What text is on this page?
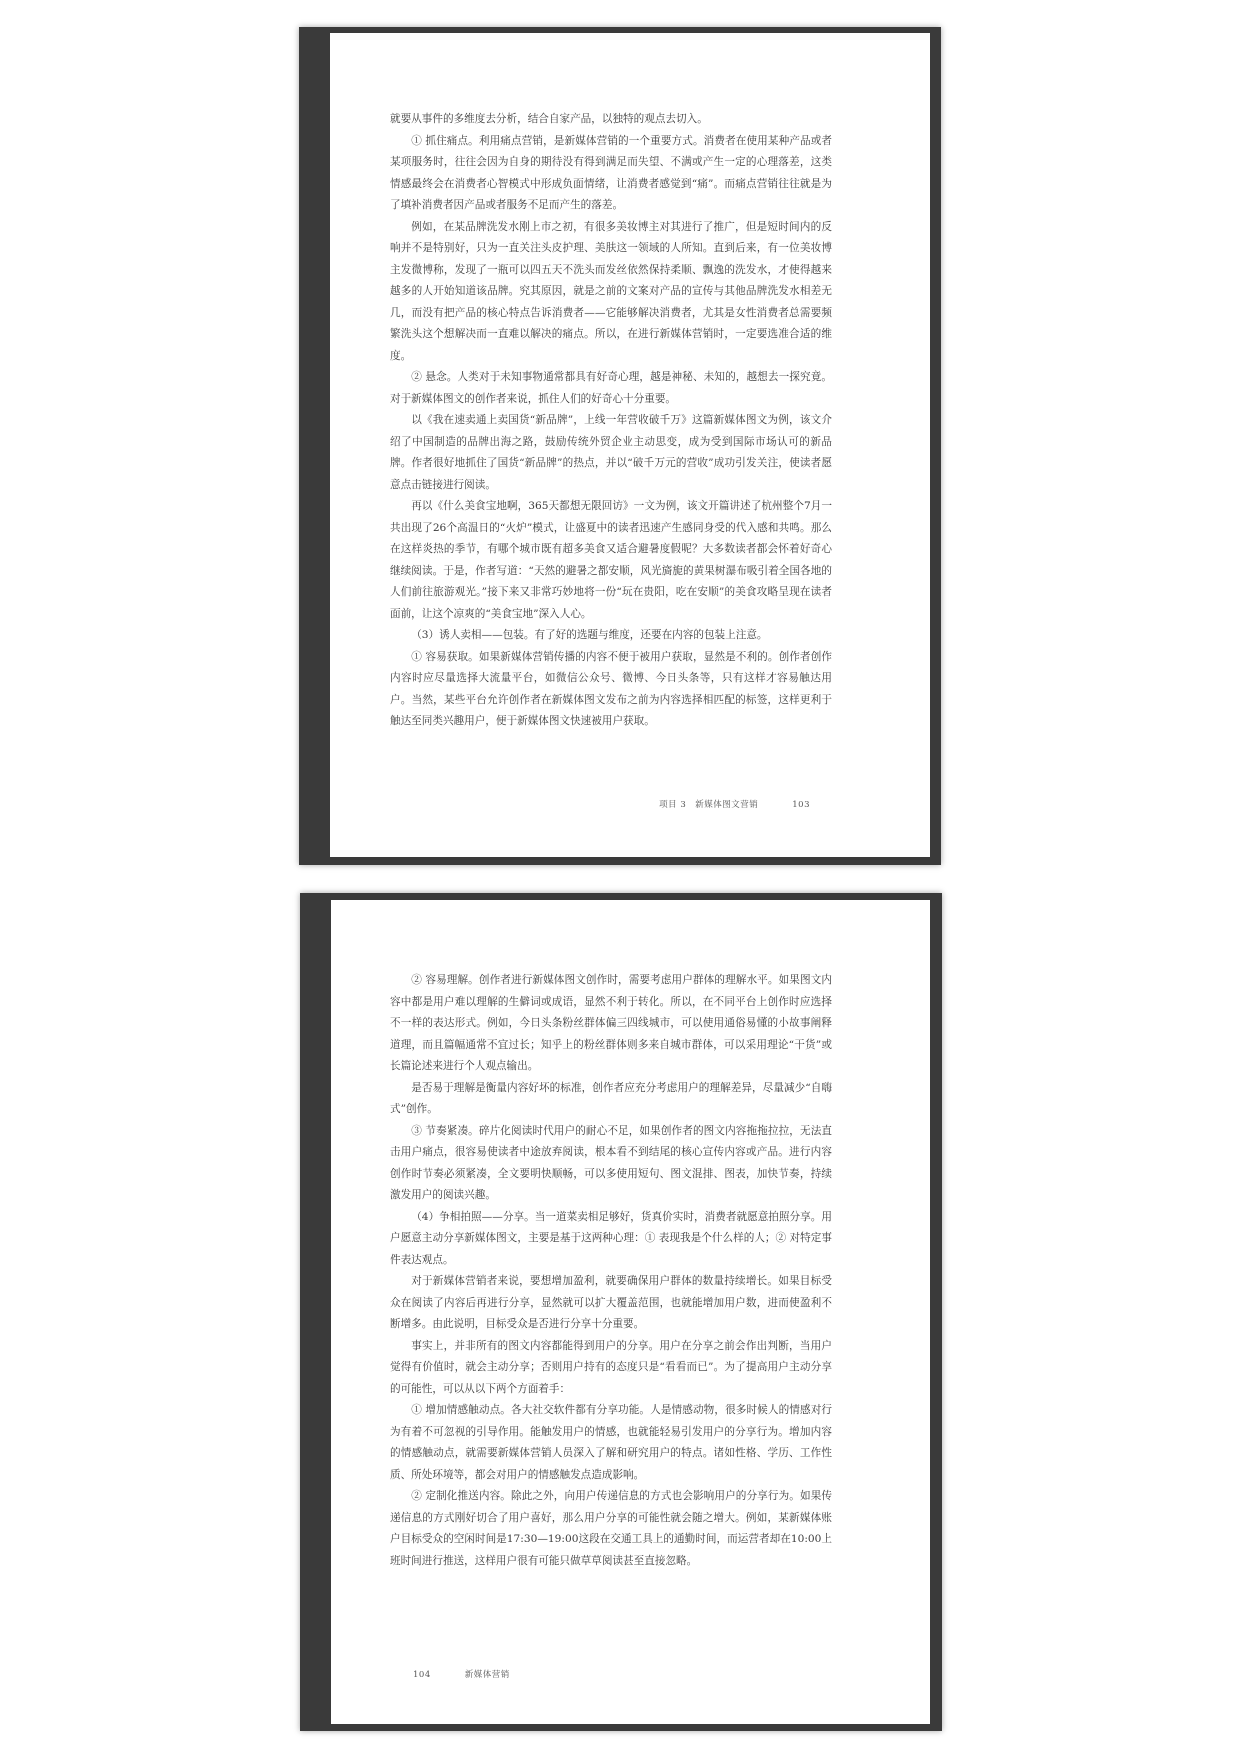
就要从事件的多维度去分析，结合自家产品，以独特的观点去切入。

① 抓住痛点。利用痛点营销，是新媒体营销的一个重要方式。消费者在使用某种产品或者某项服务时，往往会因为自身的期待没有得到满足而失望、不满或产生一定的心理落差，这类情感最终会在消费者心智模式中形成负面情绪，让消费者感觉到“痛”。而痛点营销往往就是为了填补消费者因产品或者服务不足而产生的落差。

例如，在某品牌洗发水刚上市之初，有很多美妆博主对其进行了推广，但是短时间内的反响并不是特别好，只为一直关注头皮护理、美肤这一领域的人所知。直到后来，有一位美妆博主发微博称，发现了一瓶可以四五天不洗头而发丝依然保持柔顺、飘逸的洗发水，才使得越来越多的人开始知道该品牌。究其原因，就是之前的文案对产品的宣传与其他品牌洗发水相差无几，而没有把产品的核心特点告诉消费者——它能够解决消费者，尤其是女性消费者总需要频繁洗头这个想解决而一直难以解决的痛点。所以，在进行新媒体营销时，一定要选准合适的维度。

② 悬念。人类对于未知事物通常都具有好奇心理，越是神秘、未知的，越想去一探究竟。对于新媒体图文的创作者来说，抓住人们的好奇心十分重要。

以《我在速卖通上卖国货“新品牌”，上线一年营收破千万》这篇新媒体图文为例，该文介绍了中国制造的品牌出海之路，鼓励传统外贸企业主动思变，成为受到国际市场认可的新品牌。作者很好地抓住了国货“新品牌”的热点，并以“破千万元的营收”成功引发关注，使读者愿意点击链接进行阅读。

再以《什么美食宝地啊，365天都想无限回访》一文为例，该文开篇讲述了杭州整个7月一共出现了26个高温日的“火炉”模式，让盛夏中的读者迅速产生感同身受的代入感和共鸣。那么在这样炎热的季节，有哪个城市既有超多美食又适合避暑度假呢？大多数读者都会怀着好奇心继续阅读。于是，作者写道：“天然的避暑之都安顺，风光旖旎的黄果树瀑布吸引着全国各地的人们前往旅游观光。”接下来又非常巧妙地将一份“玩在贵阳，吃在安顺”的美食攻略呈现在读者面前，让这个凉爽的“美食宝地”深入人心。

（3）诱人卖相——包装。有了好的选题与维度，还要在内容的包装上注意。

① 容易获取。如果新媒体营销传播的内容不便于被用户获取，显然是不利的。创作者创作内容时应尽量选择大流量平台，如微信公众号、微博、今日头条等，只有这样才容易触达用户。当然，某些平台允许创作者在新媒体图文发布之前为内容选择相匹配的标签，这样更利于触达至同类兴趣用户，便于新媒体图文快速被用户获取。

项目 3　新媒体图文营销	103

② 容易理解。创作者进行新媒体图文创作时，需要考虑用户群体的理解水平。如果图文内容中都是用户难以理解的生僻词或成语，显然不利于转化。所以，在不同平台上创作时应选择不一样的表达形式。例如，今日头条粉丝群体偏三四线城市，可以使用通俗易懂的小故事阐释道理，而且篇幅通常不宜过长；知乎上的粉丝群体则多来自城市群体，可以采用理论“干货”或长篇论述来进行个人观点输出。

是否易于理解是衡量内容好坏的标准，创作者应充分考虑用户的理解差异，尽量减少“自嗨式”创作。

③ 节奏紧凑。碎片化阅读时代用户的耐心不足，如果创作者的图文内容拖拖拉拉，无法直击用户痛点，很容易使读者中途放弃阅读，根本看不到结尾的核心宣传内容或产品。进行内容创作时节奏必须紧凑，全文要明快顺畅，可以多使用短句、图文混排、图表，加快节奏，持续激发用户的阅读兴趣。

（4）争相拍照——分享。当一道菜卖相足够好，货真价实时，消费者就愿意拍照分享。用户愿意主动分享新媒体图文，主要是基于这两种心理：① 表现我是个什么样的人；② 对特定事件表达观点。

对于新媒体营销者来说，要想增加盈利，就要确保用户群体的数量持续增长。如果目标受众在阅读了内容后再进行分享，显然就可以扩大覆盖范围，也就能增加用户数，进而使盈利不断增多。由此说明，目标受众是否进行分享十分重要。

事实上，并非所有的图文内容都能得到用户的分享。用户在分享之前会作出判断，当用户觉得有价值时，就会主动分享；否则用户持有的态度只是“看看而已”。为了提高用户主动分享的可能性，可以从以下两个方面着手：

① 增加情感触动点。各大社交软件都有分享功能。人是情感动物，很多时候人的情感对行为有着不可忽视的引导作用。能触发用户的情感，也就能轻易引发用户的分享行为。增加内容的情感触动点，就需要新媒体营销人员深入了解和研究用户的特点。诸如性格、学历、工作性质、所处环境等，都会对用户的情感触发点造成影响。

② 定制化推送内容。除此之外，向用户传递信息的方式也会影响用户的分享行为。如果传递信息的方式刚好切合了用户喜好，那么用户分享的可能性就会随之增大。例如，某新媒体账户目标受众的空闲时间是17:30—19:00这段在交通工具上的通勤时间，而运营者却在10:00上班时间进行推送，这样用户很有可能只做草草阅读甚至直接忽略。

104	新媒体营销
